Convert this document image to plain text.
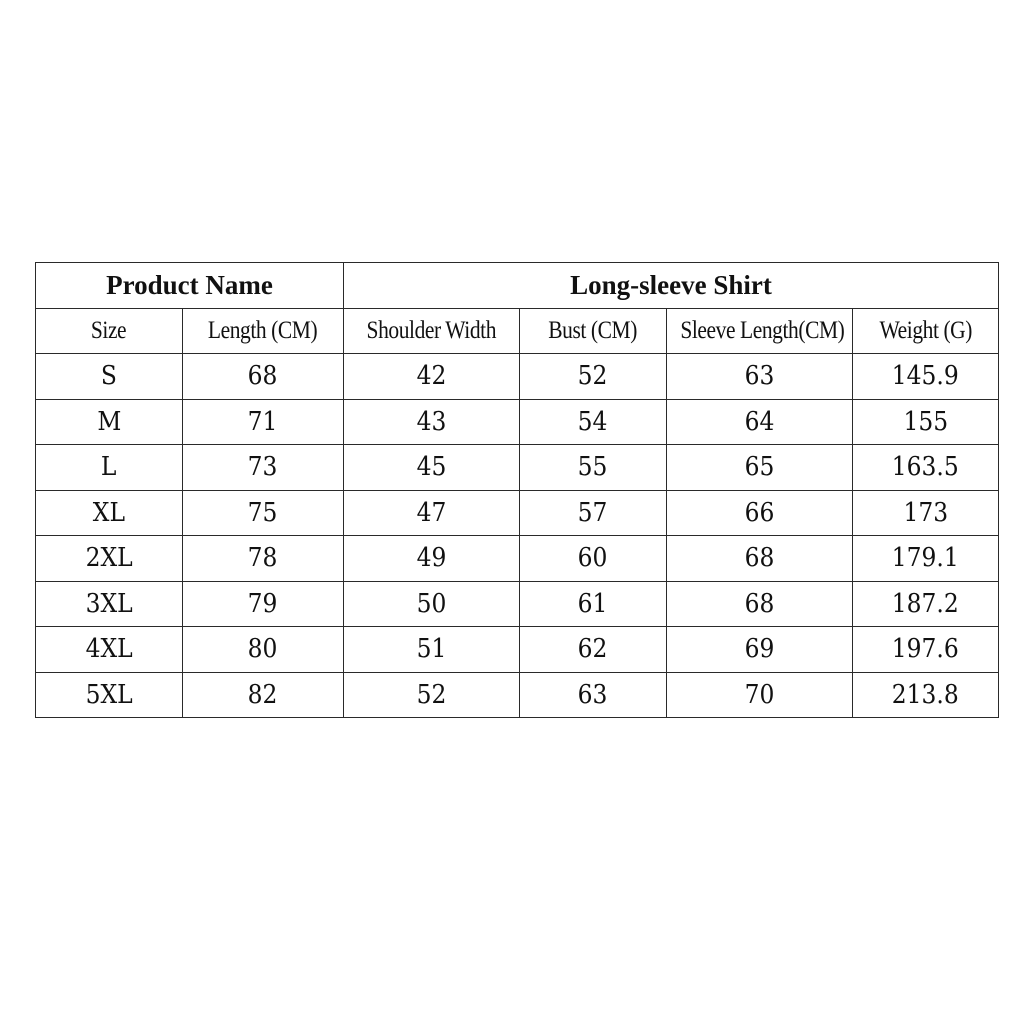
Product Name		Long-sleeve Shirt			
Size	Length (CM)	Shoulder Width	Bust (CM)	Sleeve Length(CM)	Weight (G)
S	68	42	52	63	145.9
M	71	43	54	64	155
L	73	45	55	65	163.5
XL	75	47	57	66	173
2XL	78	49	60	68	179.1
3XL	79	50	61	68	187.2
4XL	80	51	62	69	197.6
5XL	82	52	63	70	213.8
